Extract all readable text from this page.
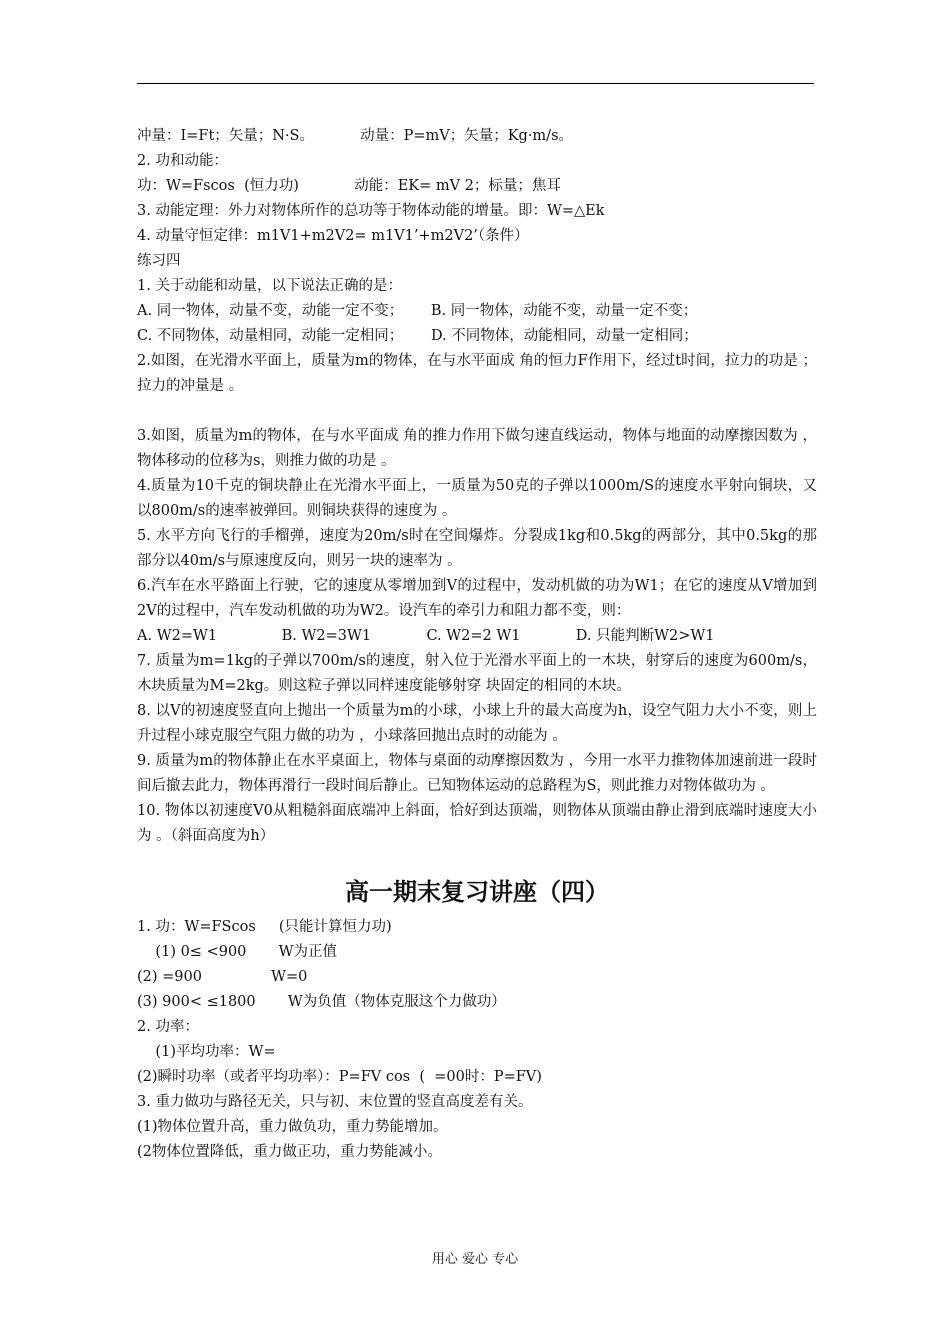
冲量：I=Ft；矢量；N·S。          动量：P=mV；矢量；Kg·m/s。
2. 功和动能：
功：W=Fscos  (恒力功)            动能：EK= mV 2；标量；焦耳
3. 动能定理：外力对物体所作的总功等于物体动能的增量。即：W=△Ek
4. 动量守恒定律：m1V1+m2V2= m1V1’+m2V2’（条件）
练习四
1. 关于动能和动量，以下说法正确的是：
A. 同一物体，动量不变，动能一定不变；      B. 同一物体，动能不变，动量一定不变；
C. 不同物体，动量相同，动能一定相同；      D. 不同物体，动能相同，动量一定相同；
2.如图，在光滑水平面上，质量为m的物体，在与水平面成 角的恒力F作用下，经过t时间，拉力的功是 ；拉力的冲量是 。
3.如图，质量为m的物体，在与水平面成 角的推力作用下做匀速直线运动，物体与地面的动摩擦因数为 ，物体移动的位移为s，则推力做的功是 。
4.质量为10千克的铜块静止在光滑水平面上，一质量为50克的子弹以1000m/S的速度水平射向铜块，又以800m/s的速率被弹回。则铜块获得的速度为 。
5. 水平方向飞行的手榴弹，速度为20m/s时在空间爆炸。分裂成1kg和0.5kg的两部分，其中0.5kg的那部分以40m/s与原速度反向，则另一块的速率为 。
6.汽车在水平路面上行驶，它的速度从零增加到V的过程中，发动机做的功为W1；在它的速度从V增加到2V的过程中，汽车发动机做的功为W2。设汽车的牵引力和阻力都不变，则：
A. W2=W1              B. W2=3W1            C. W2=2 W1            D. 只能判断W2>W1
7. 质量为m=1kg的子弹以700m/s的速度，射入位于光滑水平面上的一木块，射穿后的速度为600m/s，木块质量为M=2kg。则这粒子弹以同样速度能够射穿 块固定的相同的木块。
8. 以V的初速度竖直向上抛出一个质量为m的小球，小球上升的最大高度为h，设空气阻力大小不变，则上升过程小球克服空气阻力做的功为 ，小球落回抛出点时的动能为 。
9. 质量为m的物体静止在水平桌面上，物体与桌面的动摩擦因数为 ，今用一水平力推物体加速前进一段时间后撤去此力，物体再滑行一段时间后静止。已知物体运动的总路程为S，则此推力对物体做功为 。
10. 物体以初速度V0从粗糙斜面底端冲上斜面，恰好到达顶端，则物体从顶端由静止滑到底端时速度大小为 。（斜面高度为h）
高一期末复习讲座（四）
1. 功：W=FScos     (只能计算恒力功)
(1) 0≤ <900       W为正值
(2) =900               W=0
(3) 900< ≤1800       W为负值（物体克服这个力做功）
2. 功率：
(1)平均功率：W=
(2)瞬时功率（或者平均功率）：P=FV cos  (  =00时：P=FV)
3. 重力做功与路径无关，只与初、末位置的竖直高度差有关。
(1)物体位置升高，重力做负功，重力势能增加。
(2物体位置降低，重力做正功，重力势能减小。
用心 爱心 专心
